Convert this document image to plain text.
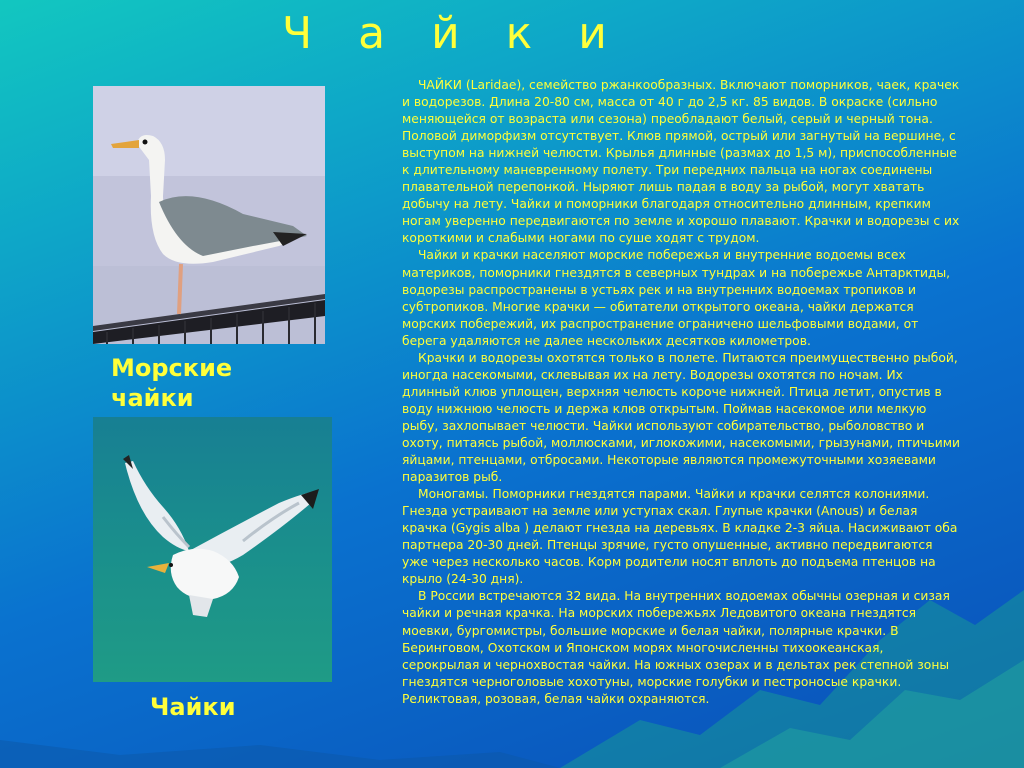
Ч а й к и
Морские чайки
Чайки

ЧАЙКИ (Laridae), семейство ржанкообразных. Включают поморников, чаек, крачек и водорезов. Длина 20-80 см, масса от 40 г до 2,5 кг. 85 видов. В окраске (сильно меняющейся от возраста или сезона) преобладают белый, серый и черный тона. Половой диморфизм отсутствует. Клюв прямой, острый или загнутый на вершине, с выступом на нижней челюсти. Крылья длинные (размах до 1,5 м), приспособленные к длительному маневренному полету. Три передних пальца на ногах соединены плавательной перепонкой. Ныряют лишь падая в воду за рыбой, могут хватать добычу на лету. Чайки и поморники благодаря относительно длинным, крепким ногам уверенно передвигаются по земле и хорошо плавают. Крачки и водорезы с их короткими и слабыми ногами по суше ходят с трудом.

Чайки и крачки населяют морские побережья и внутренние водоемы всех материков, поморники гнездятся в северных тундрах и на побережье Антарктиды, водорезы распространены в устьях рек и на внутренних водоемах тропиков и субтропиков. Многие крачки — обитатели открытого океана, чайки держатся морских побережий, их распространение ограничено шельфовыми водами, от берега удаляются не далее нескольких десятков километров.

Крачки и водорезы охотятся только в полете. Питаются преимущественно рыбой, иногда насекомыми, склевывая их на лету. Водорезы охотятся по ночам. Их длинный клюв уплощен, верхняя челюсть короче нижней. Птица летит, опустив в воду нижнюю челюсть и держа клюв открытым. Поймав насекомое или мелкую рыбу, захлопывает челюсти. Чайки используют собирательство, рыболовство и охоту, питаясь рыбой, моллюсками, иглокожими, насекомыми, грызунами, птичьими яйцами, птенцами, отбросами. Некоторые являются промежуточными хозяевами паразитов рыб.

Моногамы. Поморники гнездятся парами. Чайки и крачки селятся колониями. Гнезда устраивают на земле или уступах скал. Глупые крачки (Anous) и белая крачка (Gygis alba ) делают гнезда на деревьях. В кладке 2-3 яйца. Насиживают оба партнера 20-30 дней. Птенцы зрячие, густо опушенные, активно передвигаются уже через несколько часов. Корм родители носят вплоть до подъема птенцов на крыло (24-30 дня).

В России встречаются 32 вида. На внутренних водоемах обычны озерная и сизая чайки и речная крачка. На морских побережьях Ледовитого океана гнездятся моевки, бургомистры, большие морские и белая чайки, полярные крачки. В Беринговом, Охотском и Японском морях многочисленны тихоокеанская, серокрылая и чернохвостая чайки. На южных озерах и в дельтах рек степной зоны гнездятся черноголовые хохотуны, морские голубки и пестроносые крачки. Реликтовая, розовая, белая чайки охраняются.
